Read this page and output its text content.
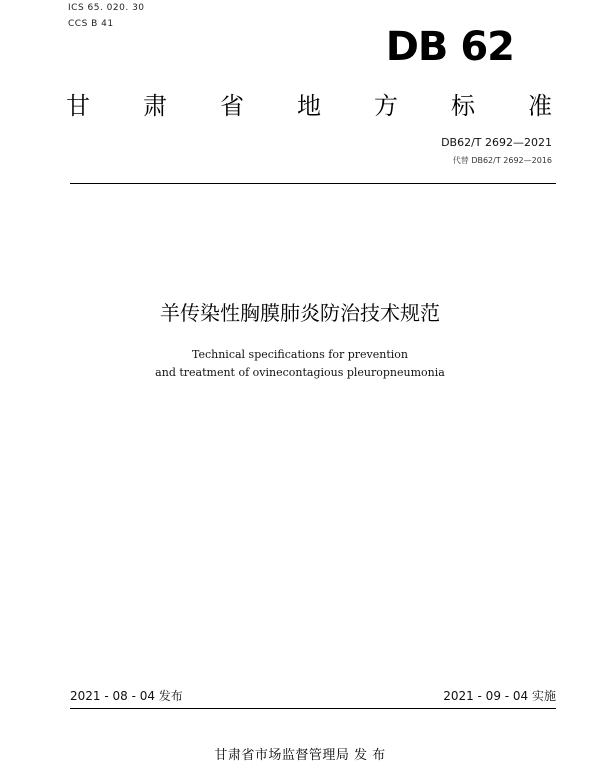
ICS 65. 020. 30
CCS B 41	DB 62
甘 肃 省 地 方 标 准
DB62/T 2692—2021
代替 DB62/T 2692—2016
羊传染性胸膜肺炎防治技术规范
Technical specifications for prevention
and treatment of ovinecontagious pleuropneumonia
2021 - 08 - 04 发布	2021 - 09 - 04 实施
甘肃省市场监督管理局 发 布
